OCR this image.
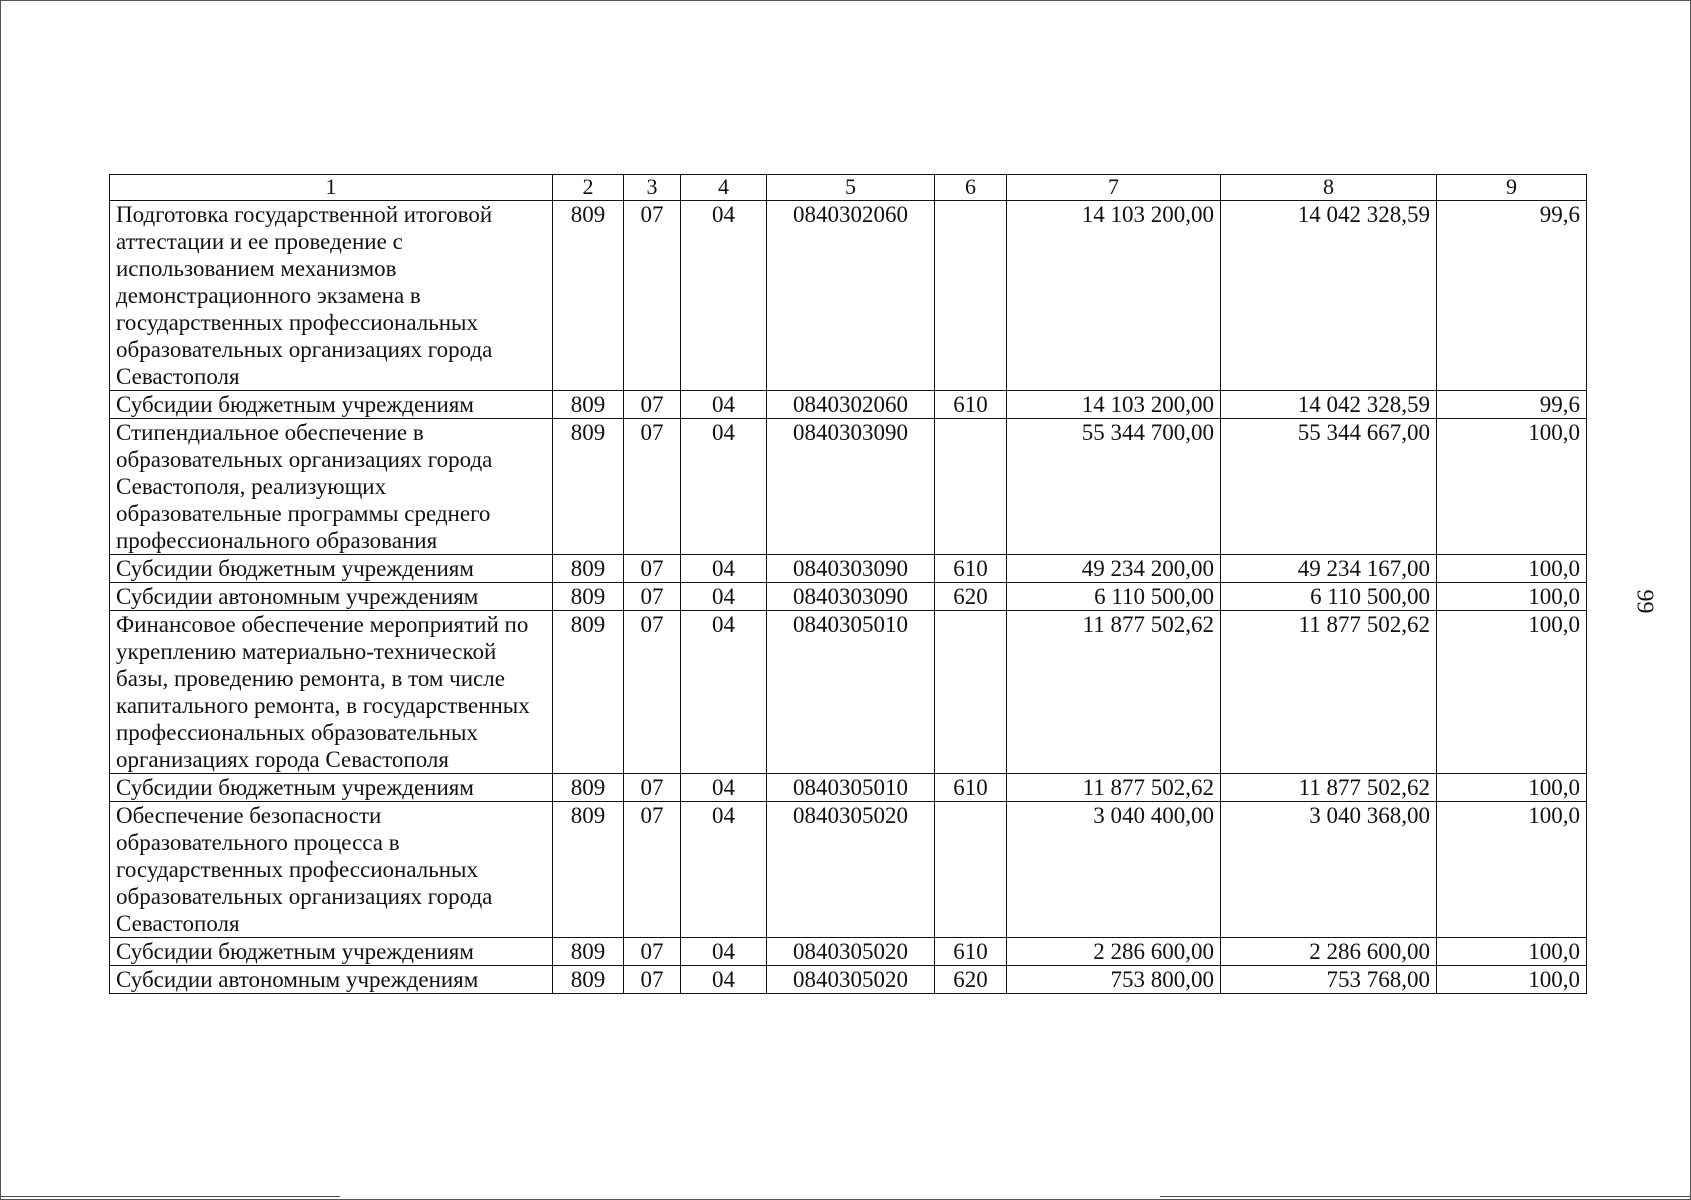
1	2	3	4	5	6	7	8	9
Подготовка государственной итоговой аттестации и ее проведение с использованием механизмов демонстрационного экзамена в государственных профессиональных образовательных организациях города Севастополя	809	07	04	0840302060		14 103 200,00	14 042 328,59	99,6
Субсидии бюджетным учреждениям	809	07	04	0840302060	610	14 103 200,00	14 042 328,59	99,6
Стипендиальное обеспечение в образовательных организациях города Севастополя, реализующих образовательные программы среднего профессионального образования	809	07	04	0840303090		55 344 700,00	55 344 667,00	100,0
Субсидии бюджетным учреждениям	809	07	04	0840303090	610	49 234 200,00	49 234 167,00	100,0
Субсидии автономным учреждениям	809	07	04	0840303090	620	6 110 500,00	6 110 500,00	100,0
Финансовое обеспечение мероприятий по укреплению материально-технической базы, проведению ремонта, в том числе капитального ремонта, в государственных профессиональных образовательных организациях города Севастополя	809	07	04	0840305010		11 877 502,62	11 877 502,62	100,0
Субсидии бюджетным учреждениям	809	07	04	0840305010	610	11 877 502,62	11 877 502,62	100,0
Обеспечение безопасности образовательного процесса в государственных профессиональных образовательных организациях города Севастополя	809	07	04	0840305020		3 040 400,00	3 040 368,00	100,0
Субсидии бюджетным учреждениям	809	07	04	0840305020	610	2 286 600,00	2 286 600,00	100,0
Субсидии автономным учреждениям	809	07	04	0840305020	620	753 800,00	753 768,00	100,0
99
